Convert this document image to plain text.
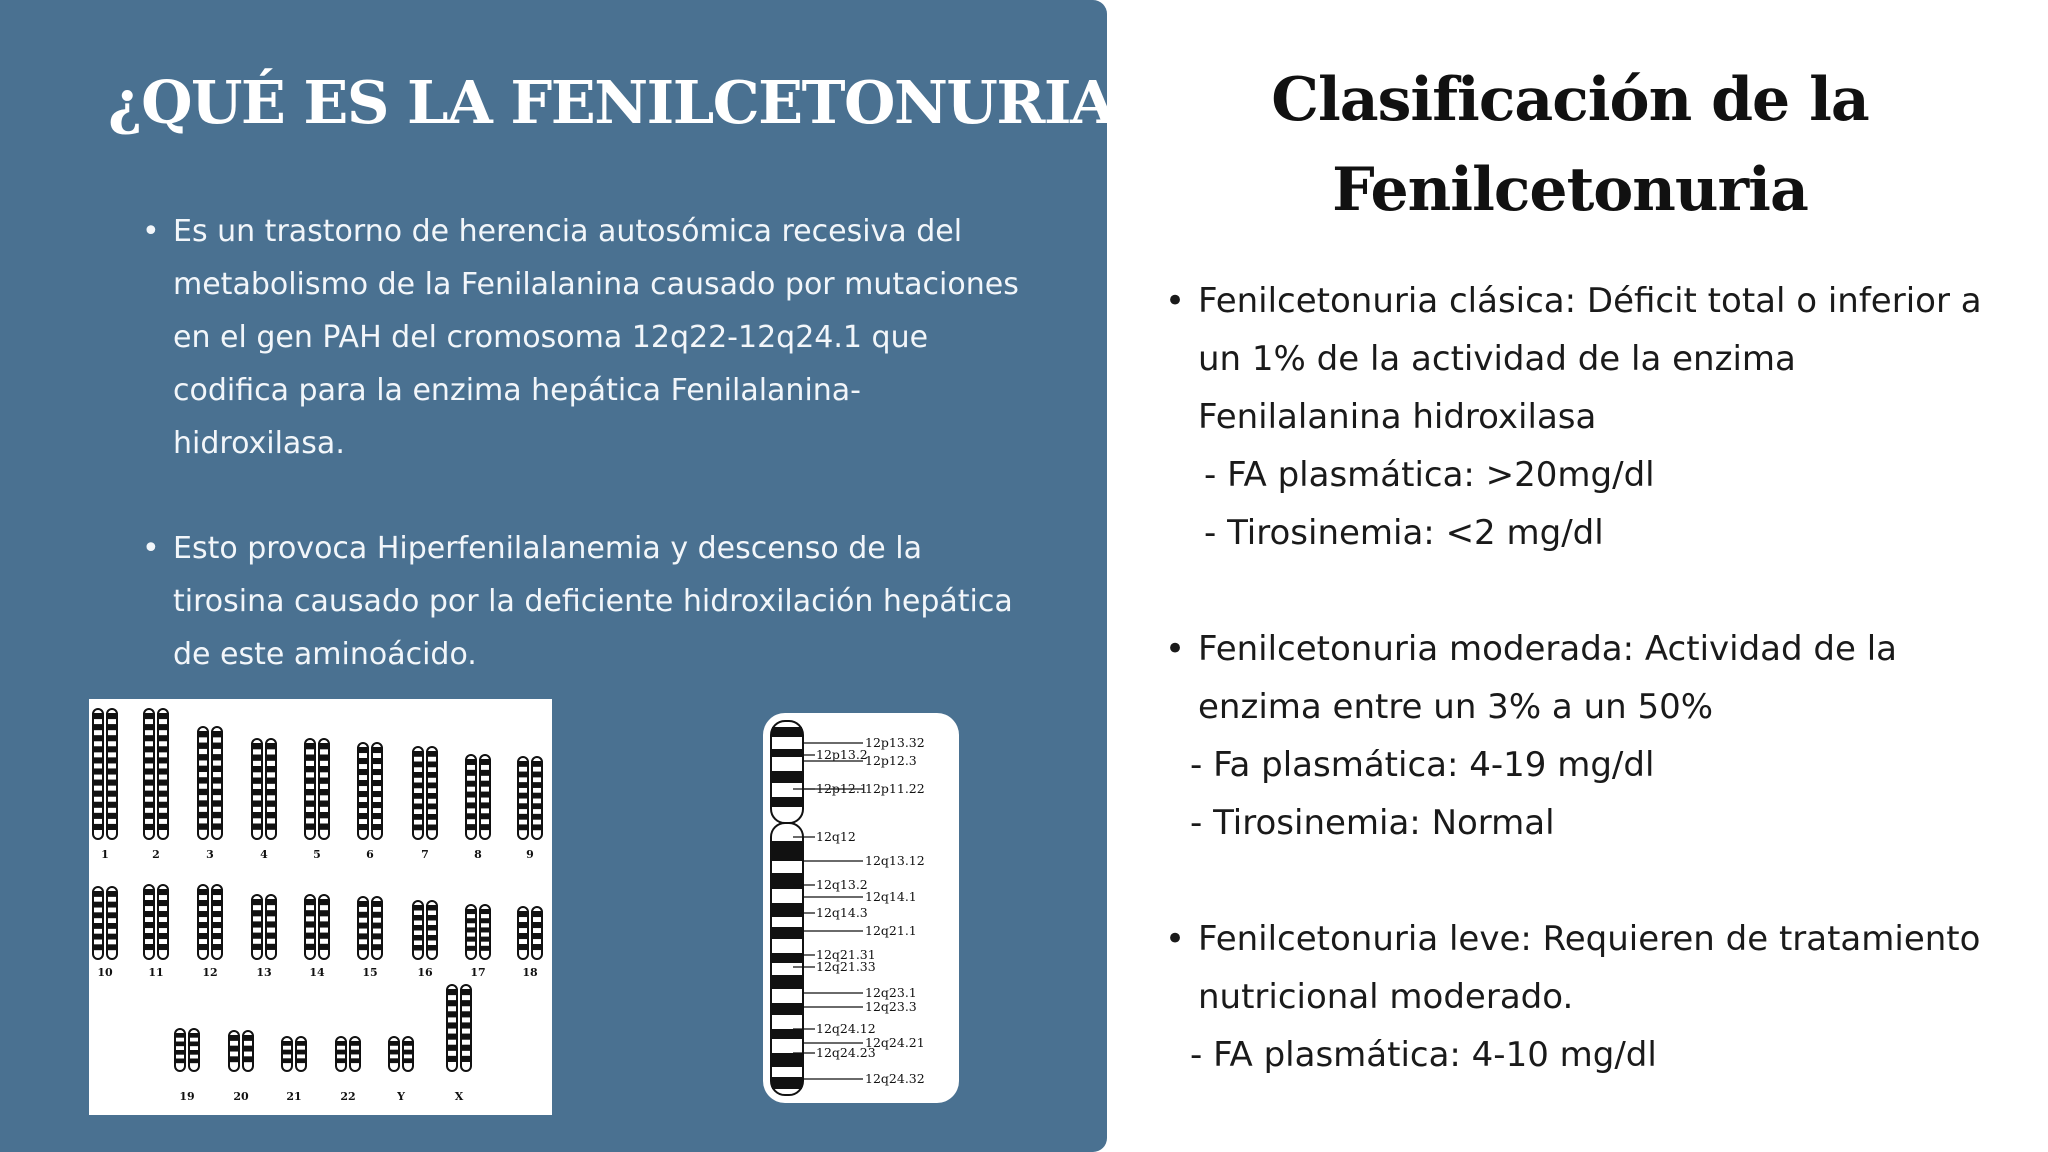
¿QUÉ ES LA FENILCETONURIA?
• Es un trastorno de herencia autosómica recesiva del metabolismo de la Fenilalanina causado por mutaciones en el gen PAH del cromosoma 12q22-12q24.1 que codifica para la enzima hepática Fenilalanina-hidroxilasa.
• Esto provoca Hiperfenilalanemia y descenso de la tirosina causado por la deficiente hidroxilación hepática de este aminoácido.
1	2	3	4	5	6	7	8	9
10	11	12	13	14	15	16	17	18
19	20	21	22	Y	X
12p13.32
12p12.3
12p11.22
12q13.12
12q14.1
12q21.1
12q23.1
12q23.3
12q24.21
12q24.32
12p13.2
12p12.1
12q12
12q13.2
12q14.3
12q21.31
12q21.33
12q24.12
12q24.23
Clasificación de la
Fenilcetonuria
• Fenilcetonuria clásica: Déficit total o inferior a un 1% de la actividad de la enzima Fenilalanina hidroxilasa
- FA plasmática: >20mg/dl
- Tirosinemia: <2 mg/dl
• Fenilcetonuria moderada: Actividad de la enzima entre un 3% a un 50%
- Fa plasmática: 4-19 mg/dl
- Tirosinemia: Normal
• Fenilcetonuria leve: Requieren de tratamiento nutricional moderado.
- FA plasmática: 4-10 mg/dl
